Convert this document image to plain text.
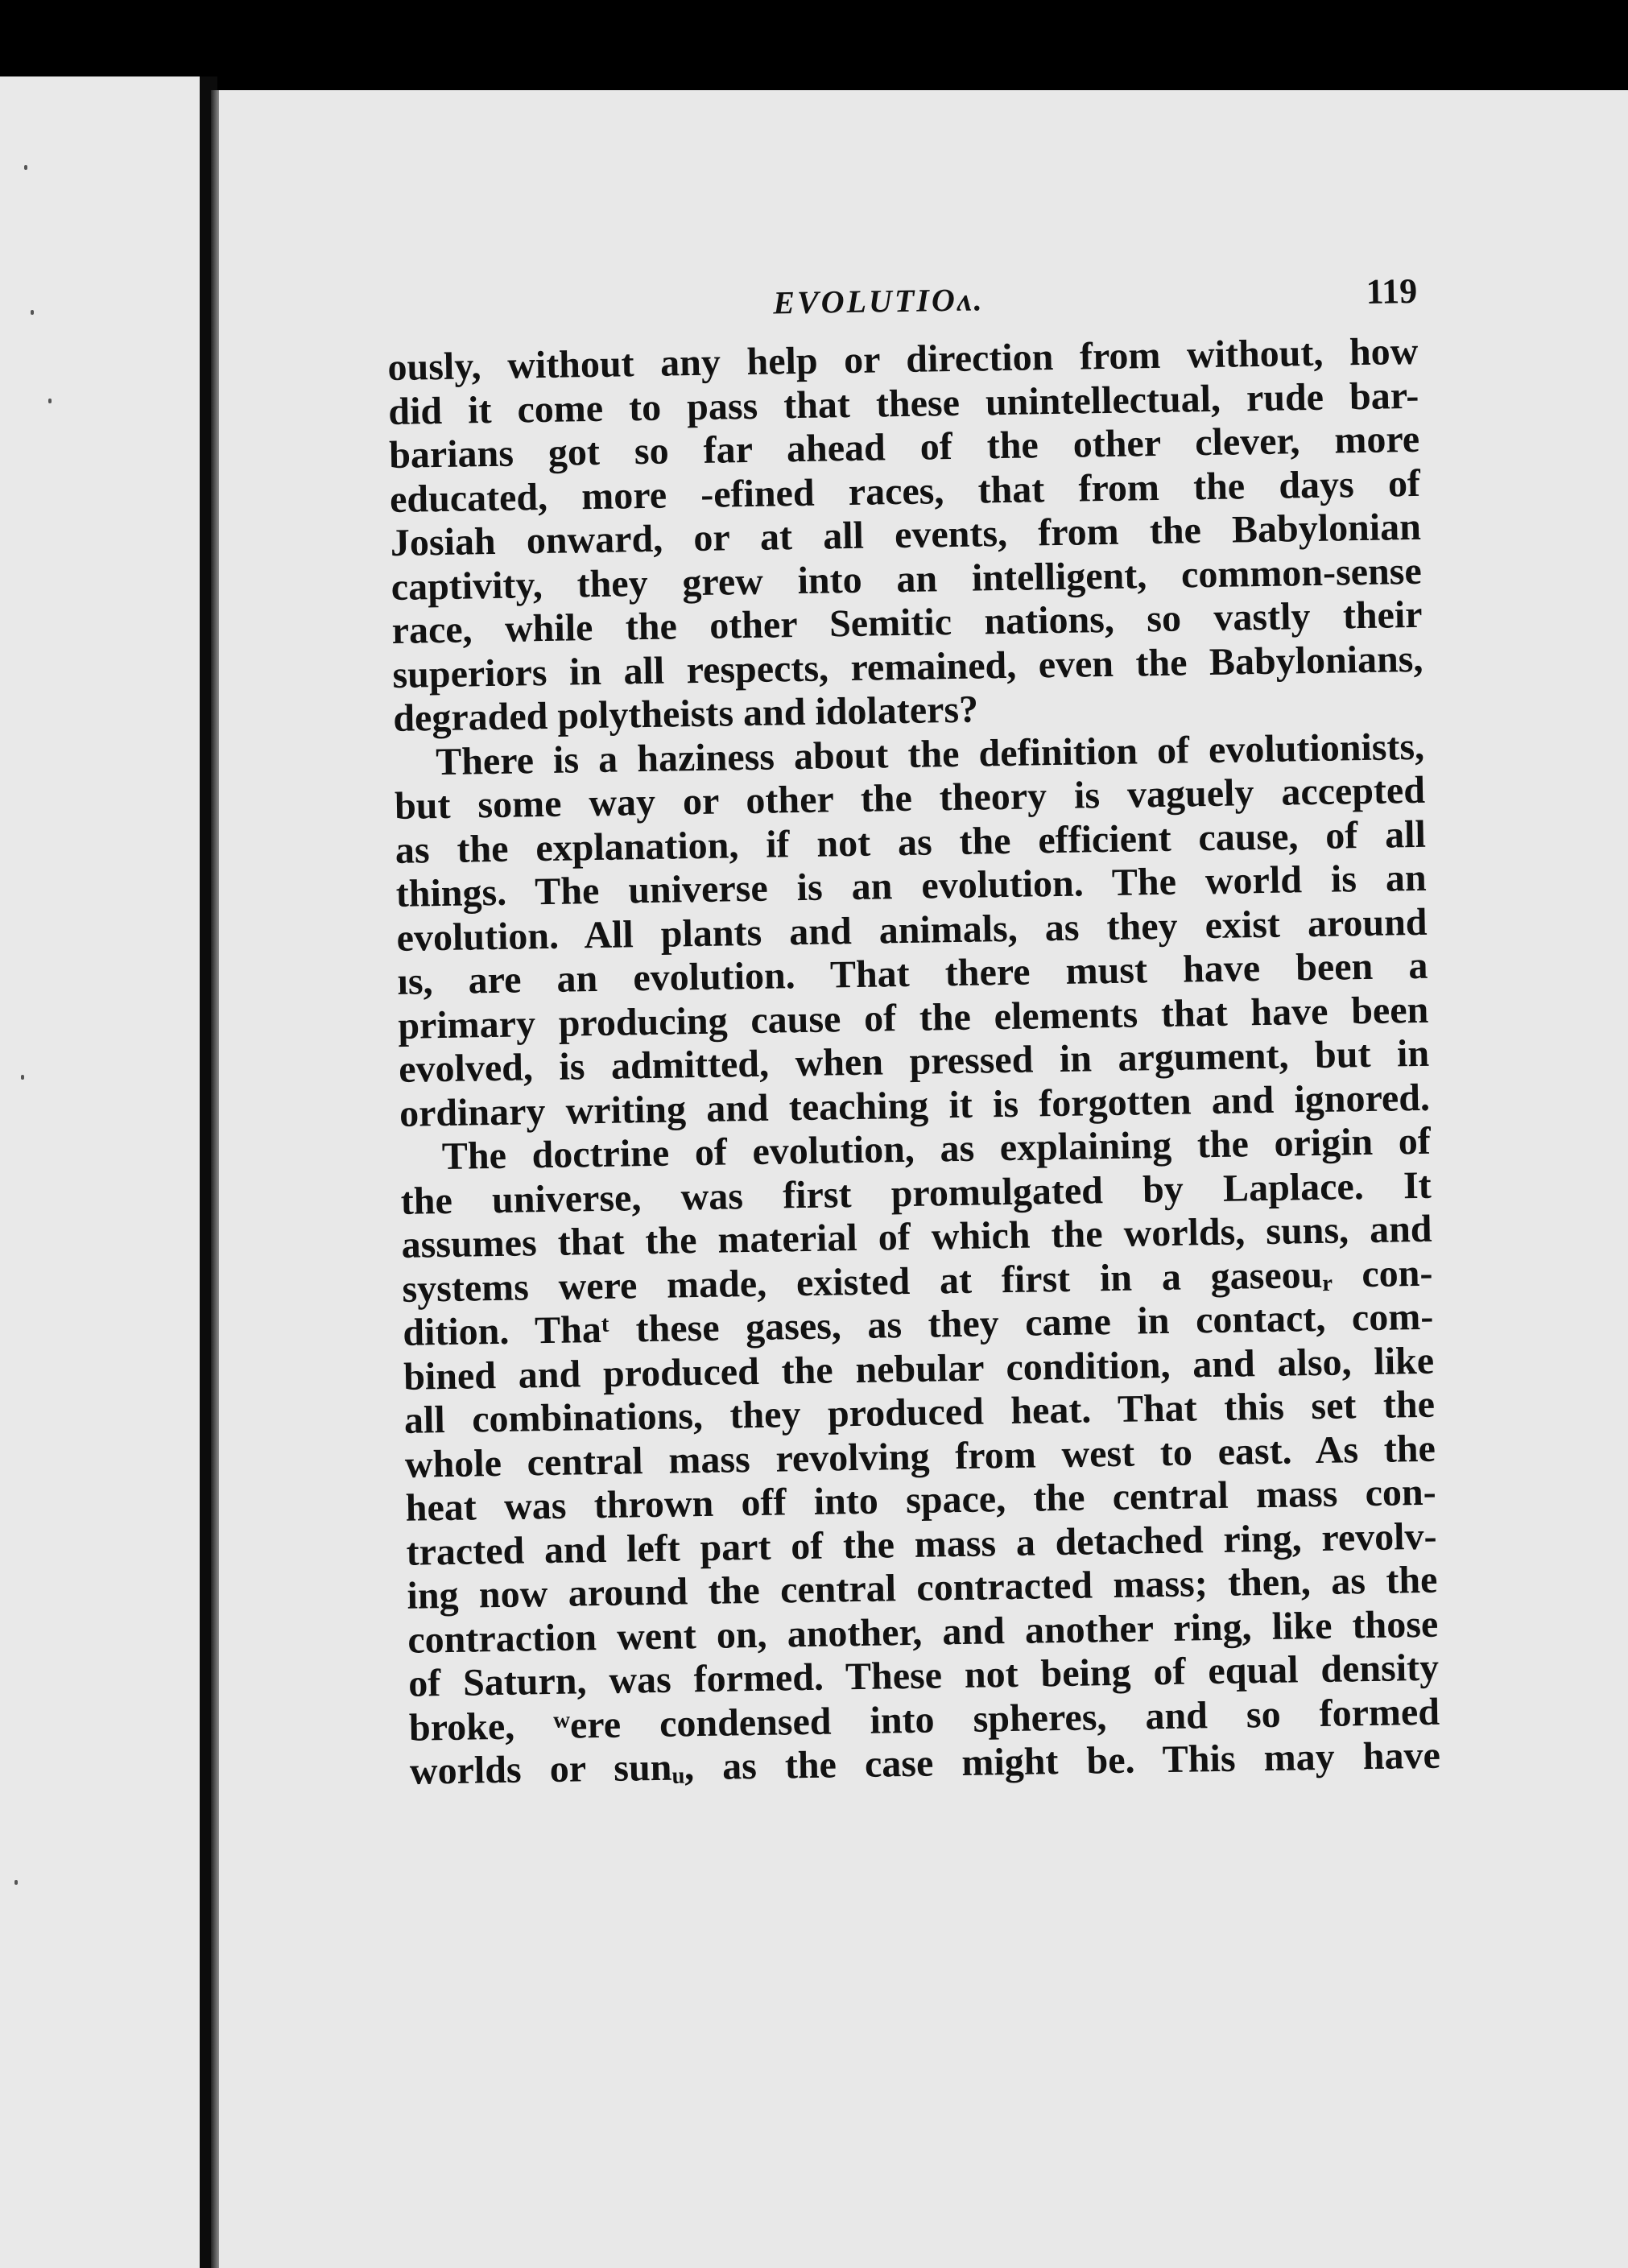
EVOLUTIOʌ.	119

ously, without any help or direction from without, how
did it come to pass that these unintellectual, rude bar-
barians got so far ahead of the other clever, more
educated, more ‑efined races, that from the days of
Josiah onward, or at all events, from the Babylonian
captivity, they grew into an intelligent, common-sense
race, while the other Semitic nations, so vastly their
superiors in all respects, remained, even the Babylonians,
degraded polytheists and idolaters?

There is a haziness about the definition of evolutionists,
but some way or other the theory is vaguely accepted
as the explanation, if not as the efficient cause, of all
things. The universe is an evolution. The world is an
evolution. All plants and animals, as they exist around
ıs, are an evolution. That there must have been a
primary producing cause of the elements that have been
evolved, is admitted, when pressed in argument, but in
ordinary writing and teaching it is forgotten and ignored.

The doctrine of evolution, as explaining the origin of
the universe, was first promulgated by Laplace. It
assumes that the material of which the worlds, suns, and
systems were made, existed at first in a gaseouᵣ con-
dition. Thaᵗ these gases, as they came in contact, com-
bined and produced the nebular condition, and also, like
all combinations, they produced heat. That this set the
whole central mass revolving from west to east. As the
heat was thrown off into space, the central mass con-
tracted and left part of the mass a detached ring, revolv-
ing now around the central contracted mass; then, as the
contraction went on, another, and another ring, like those
of Saturn, was formed. These not being of equal density
broke, ʷere condensed into spheres, and so formed
worlds or sunᵤ, as the case might be. This may have
